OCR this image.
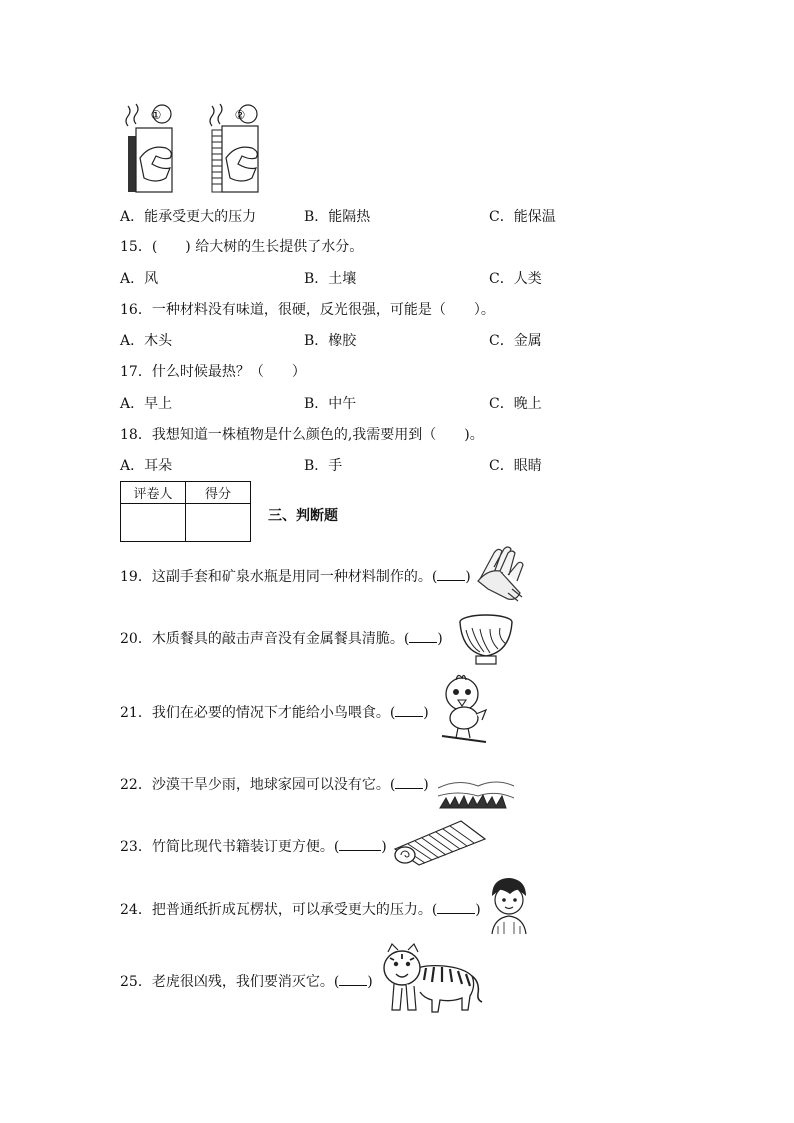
①	②
A．能承受更大的压力	B．能隔热	C．能保温
15．(　　) 给大树的生长提供了水分。
A．风	B．土壤	C．人类
16．一种材料没有味道，很硬，反光很强，可能是（　　）。
A．木头	B．橡胶	C．金属
17．什么时候最热？（　　）
A．早上	B．中午	C．晚上
18．我想知道一株植物是什么颜色的,我需要用到（　　)。
A．耳朵	B．手	C．眼睛
评卷人	得分

三、判断题
19．这副手套和矿泉水瓶是用同一种材料制作的。( )
20．木质餐具的敲击声音没有金属餐具清脆。( )
21．我们在必要的情况下才能给小鸟喂食。( )
22．沙漠干旱少雨，地球家园可以没有它。( )
23．竹简比现代书籍装订更方便。(	)
24．把普通纸折成瓦楞状，可以承受更大的压力。(	)
25．老虎很凶残，我们要消灭它。( )
